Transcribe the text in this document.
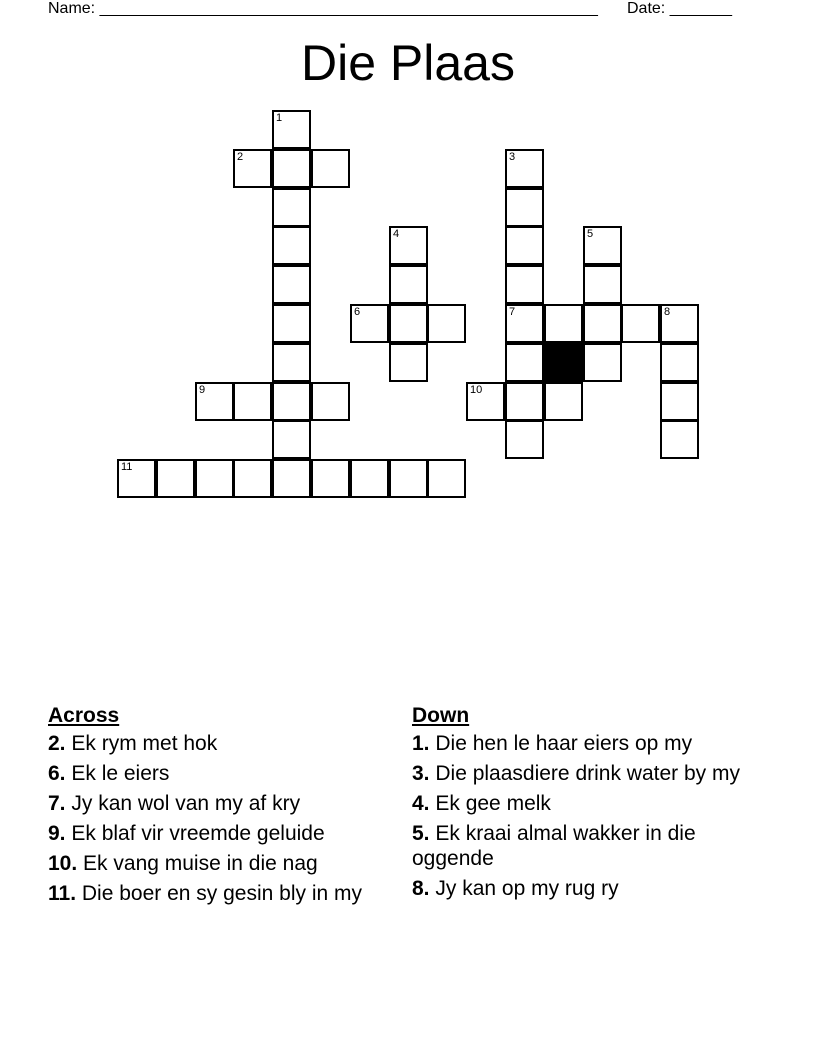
Name: ________________________________________________________ Date: _______
Die Plaas
1
2	3
4	5
6	7	8
9	10
11
Across
2. Ek rym met hok
6. Ek le eiers
7. Jy kan wol van my af kry
9. Ek blaf vir vreemde geluide
10. Ek vang muise in die nag
11. Die boer en sy gesin bly in my
Down
1. Die hen le haar eiers op my
3. Die plaasdiere drink water by my
4. Ek gee melk
5. Ek kraai almal wakker in die oggende
8. Jy kan op my rug ry
